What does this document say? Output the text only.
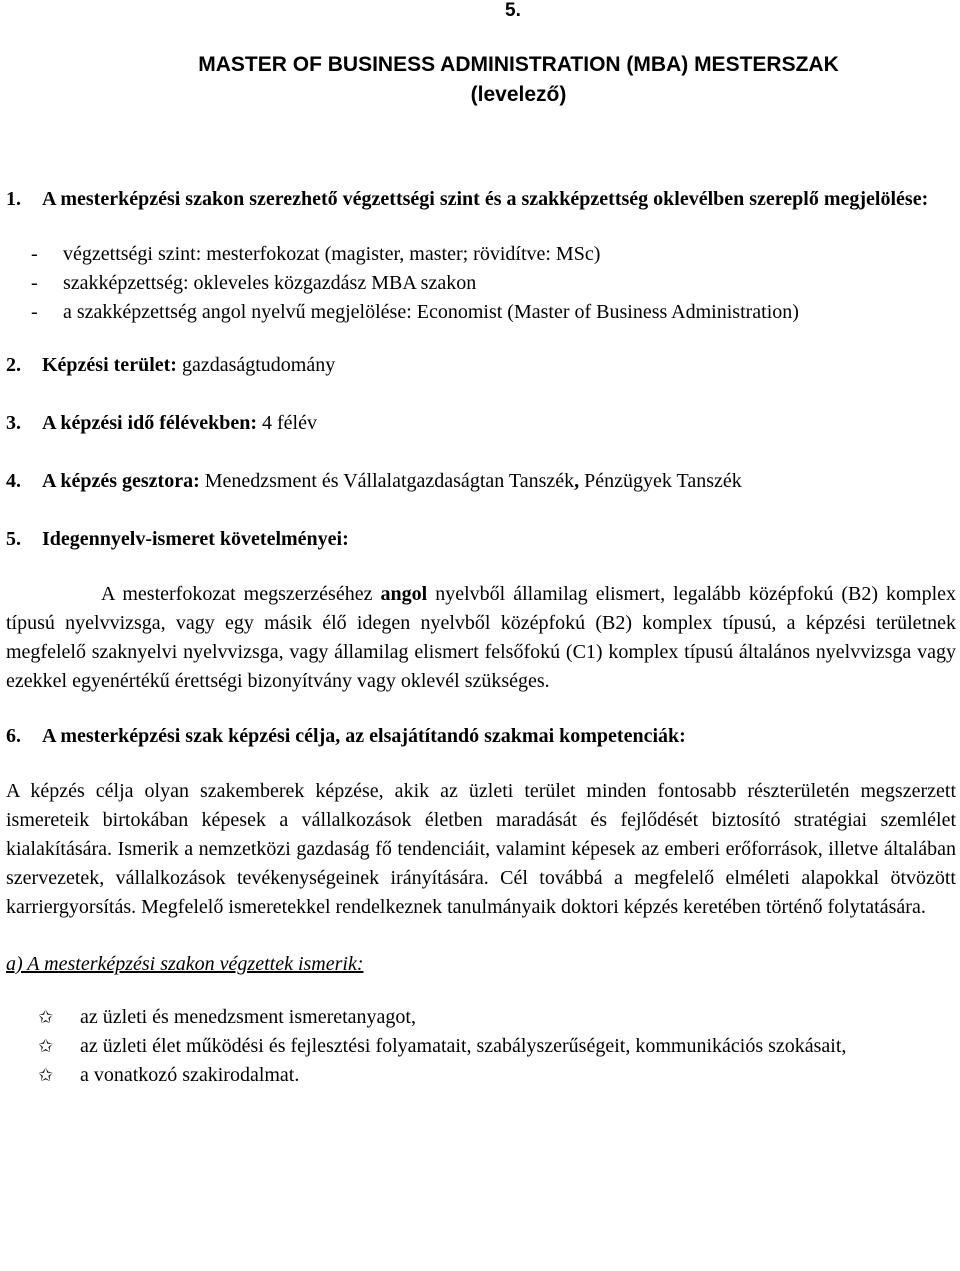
5.
MASTER OF BUSINESS ADMINISTRATION (MBA) MESTERSZAK
(levelező)
1. A mesterképzési szakon szerezhető végzettségi szint és a szakképzettség oklevélben szereplő megjelölése:
- végzettségi szint: mesterfokozat (magister, master; rövidítve: MSc)
- szakképzettség: okleveles közgazdász MBA szakon
- a szakképzettség angol nyelvű megjelölése: Economist (Master of Business Administration)
2. Képzési terület: gazdaságtudomány
3. A képzési idő félévekben: 4 félév
4. A képzés gesztora: Menedzsment és Vállalatgazdaságtan Tanszék, Pénzügyek Tanszék
5. Idegennyelv-ismeret követelményei:
A mesterfokozat megszerzéséhez angol nyelvből államilag elismert, legalább középfokú (B2) komplex típusú nyelvvizsga, vagy egy másik élő idegen nyelvből középfokú (B2) komplex típusú, a képzési területnek megfelelő szaknyelvi nyelvvizsga, vagy államilag elismert felsőfokú (C1) komplex típusú általános nyelvvizsga vagy ezekkel egyenértékű érettségi bizonyítvány vagy oklevél szükséges.
6. A mesterképzési szak képzési célja, az elsajátítandó szakmai kompetenciák:
A képzés célja olyan szakemberek képzése, akik az üzleti terület minden fontosabb részterületén megszerzett ismereteik birtokában képesek a vállalkozások életben maradását és fejlődését biztosító stratégiai szemlélet kialakítására. Ismerik a nemzetközi gazdaság fő tendenciáit, valamint képesek az emberi erőforrások, illetve általában szervezetek, vállalkozások tevékenységeinek irányítására. Cél továbbá a megfelelő elméleti alapokkal ötvözött karriergyorsítás. Megfelelő ismeretekkel rendelkeznek tanulmányaik doktori képzés keretében történő folytatására.
a) A mesterképzési szakon végzettek ismerik:
✩ az üzleti és menedzsment ismeretanyagot,
✩ az üzleti élet működési és fejlesztési folyamatait, szabályszerűségeit, kommunikációs szokásait,
✩ a vonatkozó szakirodalmat.
